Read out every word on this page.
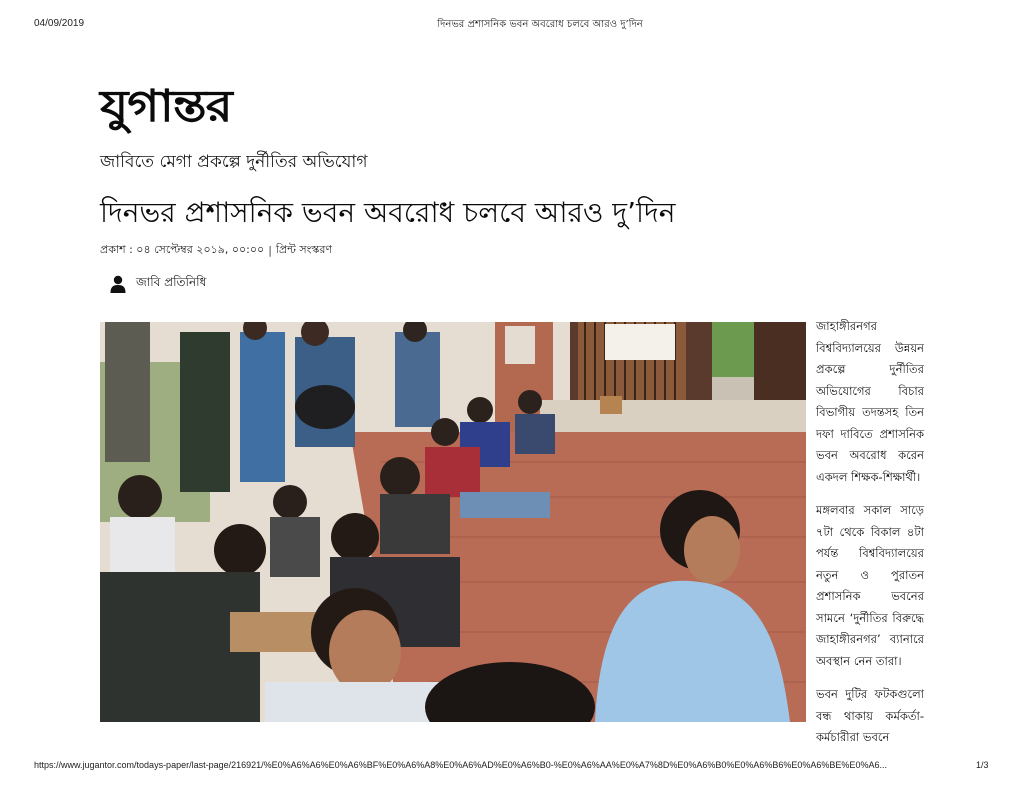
04/09/2019	দিনভর প্রশাসনিক ভবন অবরোধ চলবে আরও দু’দিন
যুগান্তর
জাবিতে মেগা প্রকল্পে দুর্নীতির অভিযোগ
দিনভর প্রশাসনিক ভবন অবরোধ চলবে আরও দু’দিন
প্রকাশ : ০৪ সেপ্টেম্বর ২০১৯, ০০:০০ | প্রিন্ট সংস্করণ
জাবি প্রতিনিধি

জাহাঙ্গীরনগর বিশ্ববিদ্যালয়ের উন্নয়ন প্রকল্পে দুর্নীতির অভিযোগের বিচার বিভাগীয় তদন্তসহ তিন দফা দাবিতে প্রশাসনিক ভবন অবরোধ করেন একদল শিক্ষক-শিক্ষার্থী।

মঙ্গলবার সকাল সাড়ে ৭টা থেকে বিকাল ৪টা পর্যন্ত বিশ্ববিদ্যালয়ের নতুন ও পুরাতন প্রশাসনিক ভবনের সামনে ‘দুর্নীতির বিরুদ্ধে জাহাঙ্গীরনগর’ ব্যানারে অবস্থান নেন তারা।

ভবন দুটির ফটকগুলো বন্ধ থাকায় কর্মকর্তা-কর্মচারীরা ভবনে

https://www.jugantor.com/todays-paper/last-page/216921/%E0%A6%A6%E0%A6%BF%E0%A6%A8%E0%A6%AD%E0%A6%B0-%E0%A6%AA%E0%A7%8D%E0%A6%B0%E0%A6%B6%E0%A6%BE%E0%A6...	1/3
